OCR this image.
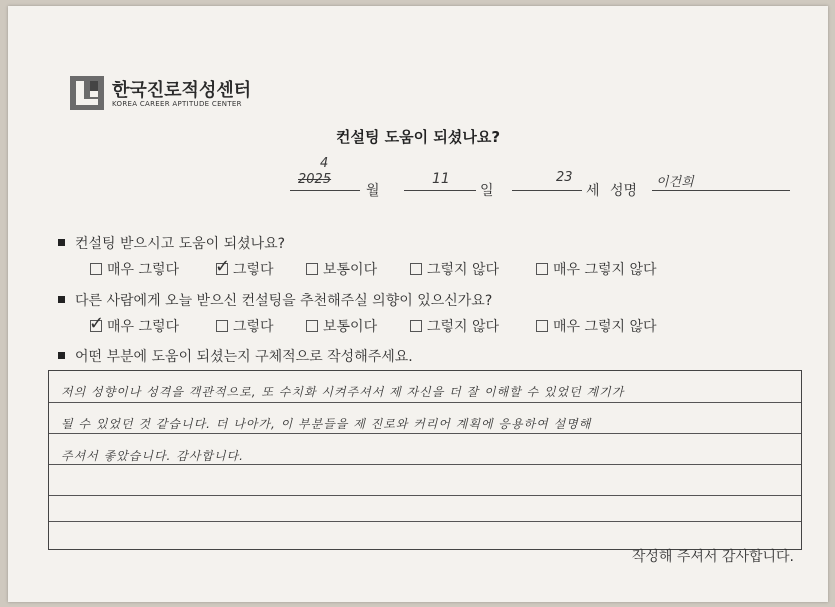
한국진로적성센터
KOREA CAREER APTITUDE CENTER
컨설팅 도움이 되셨나요?
2025
4
월
11
일
23
세 성명
이건희
컨설팅 받으시고 도움이 되셨나요?
매우 그렇다 ✓ 그렇다	보통이다	그렇지 않다	매우 그렇지 않다
다른 사람에게 오늘 받으신 컨설팅을 추천해주실 의향이 있으신가요?
✓ 매우 그렇다	그렇다	보통이다	그렇지 않다	매우 그렇지 않다
어떤 부분에 도움이 되셨는지 구체적으로 작성해주세요.
저의 성향이나 성격을 객관적으로, 또 수치화 시켜주셔서 제 자신을 더 잘 이해할 수 있었던 계기가
될 수 있었던 것 같습니다. 더 나아가, 이 부분들을 제 진로와 커리어 계획에 응용하여 설명해
주셔서 좋았습니다. 감사합니다.
작성해 주셔서 감사합니다.
